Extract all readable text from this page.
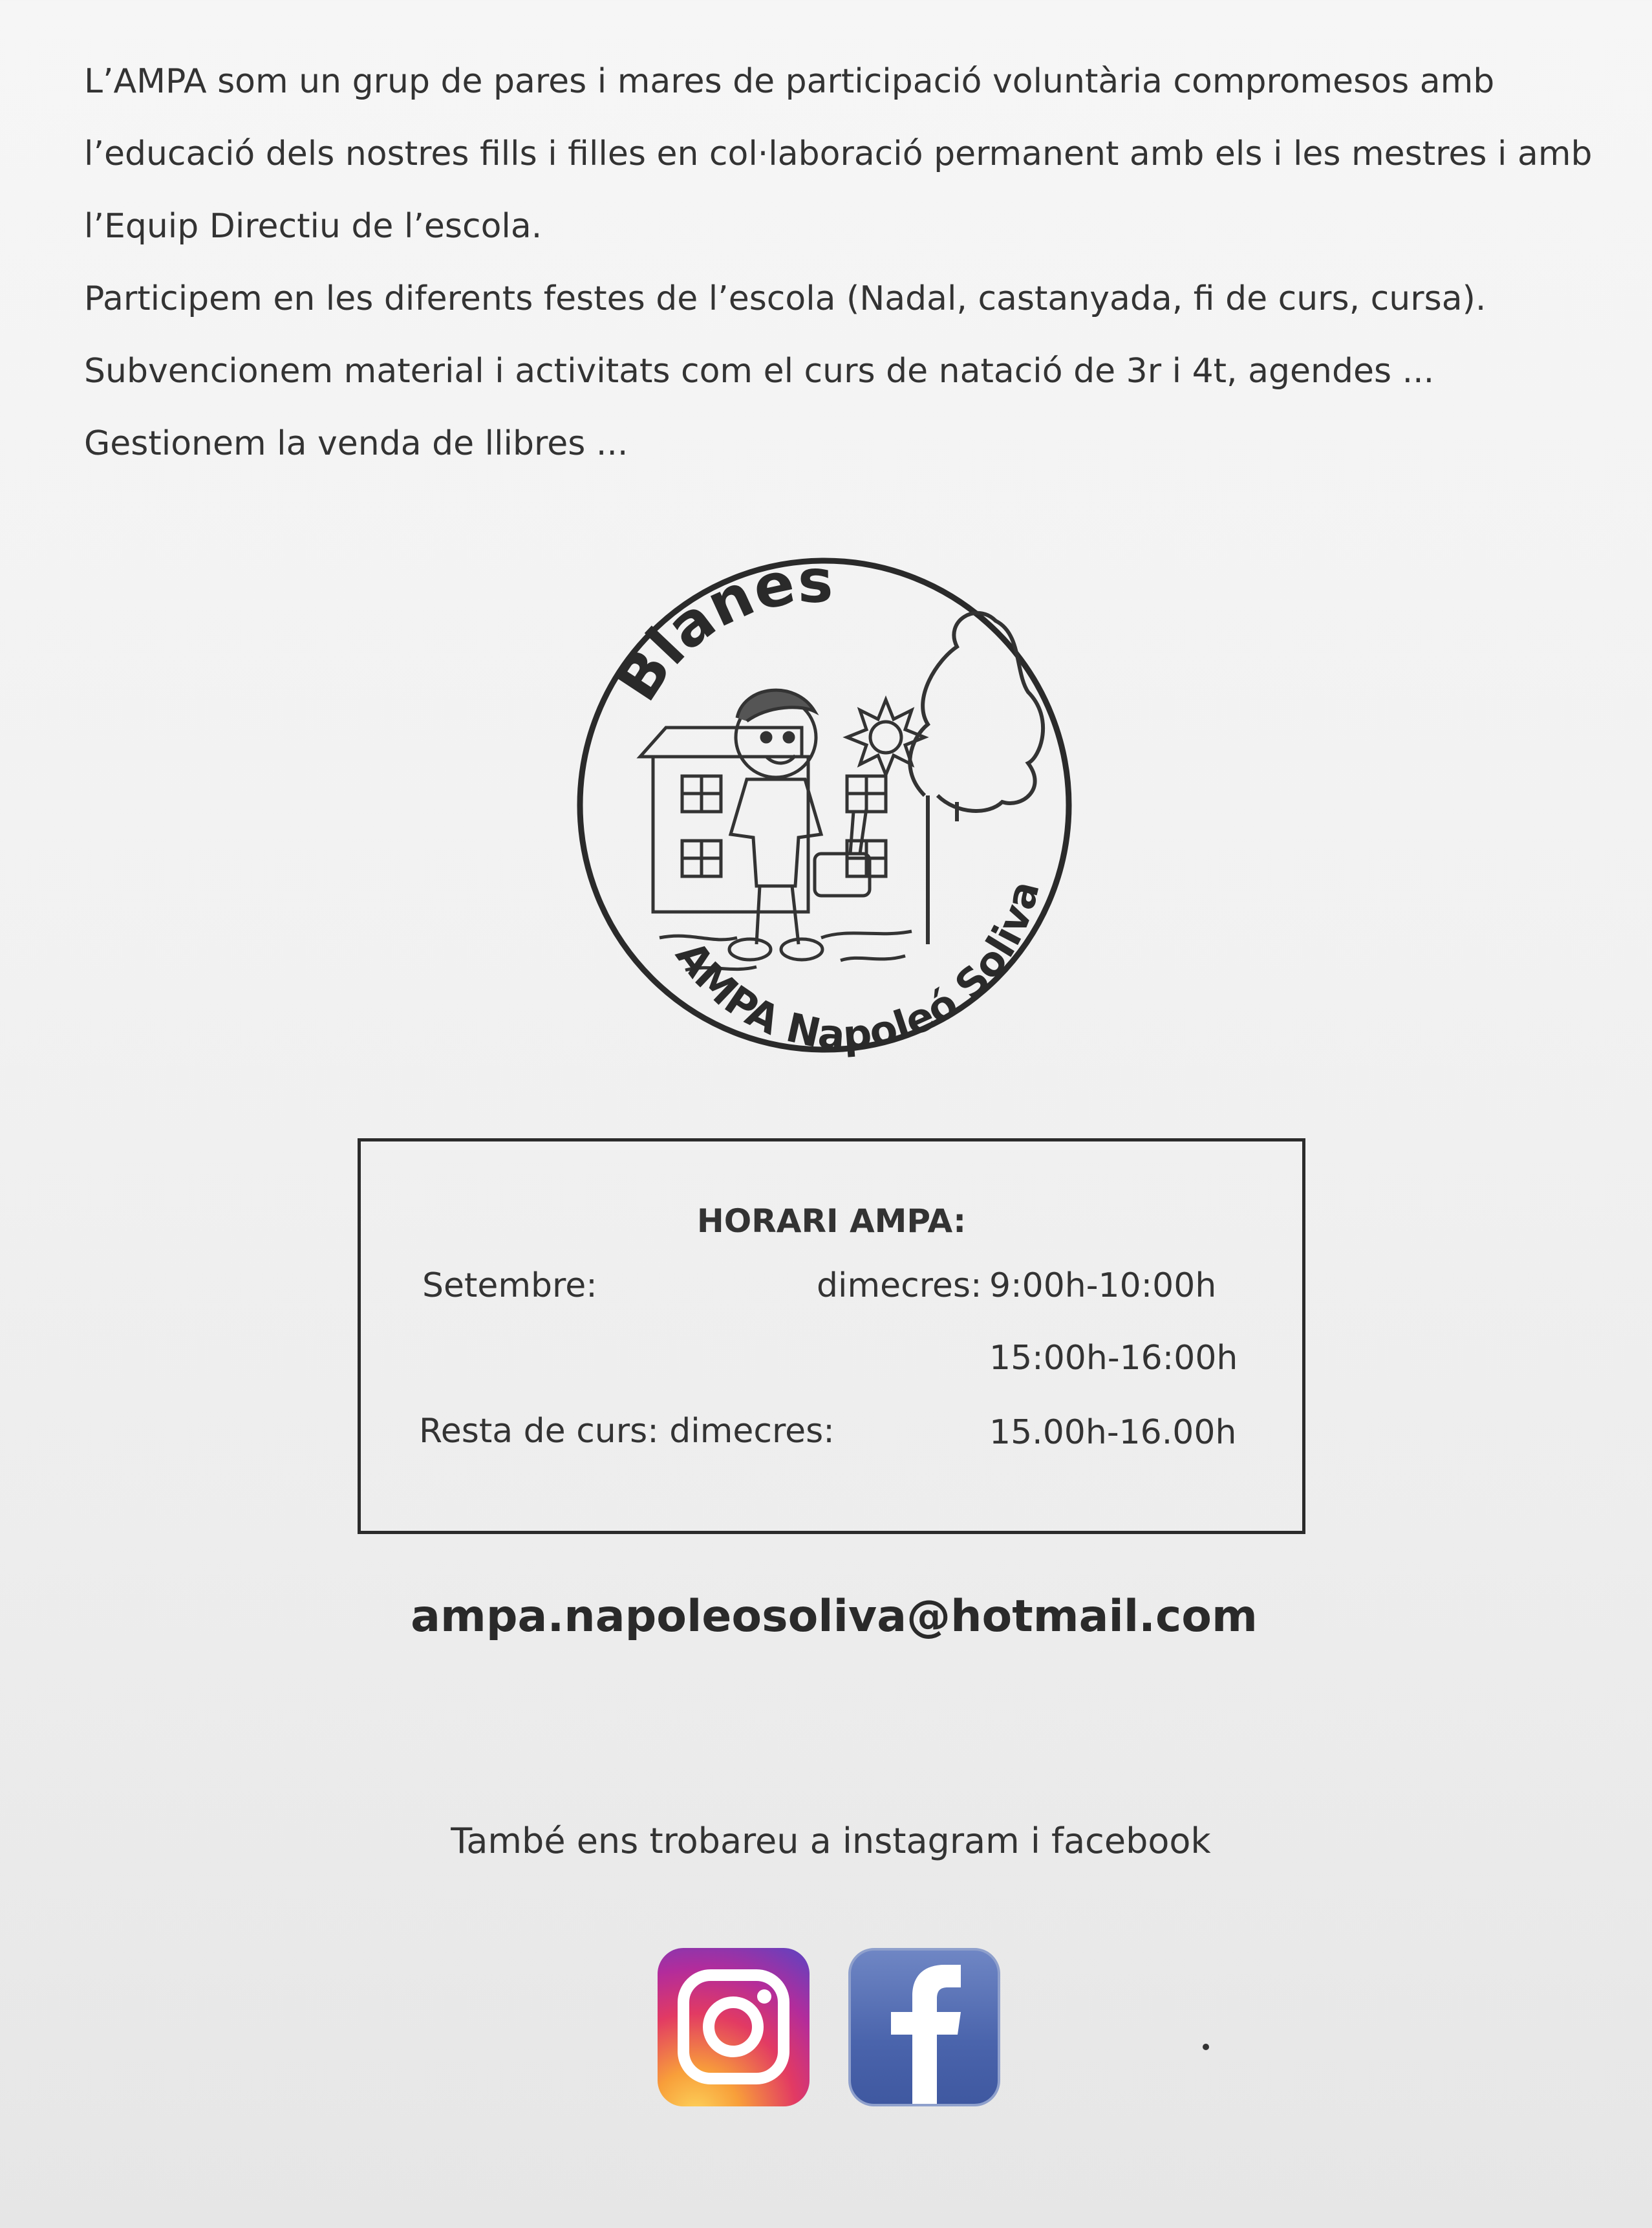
L’AMPA som un grup de pares i mares de participació voluntària compromesos amb l’educació dels nostres fills i filles en col·laboració permanent amb els i les mestres i amb l’Equip Directiu de l’escola.

Participem en les diferents festes de l’escola (Nadal, castanyada, fi de curs, cursa).

Subvencionem material i activitats com el curs de natació de 3r i 4t, agendes ...

Gestionem la venda de llibres ...

Blanes
AMPA Napoleó Soliva
HORARI AMPA:
Setembre:	dimecres: 9:00h-10:00h
15:00h-16:00h
Resta de curs: dimecres:	15.00h-16.00h
ampa.napoleosoliva@hotmail.com
També ens trobareu a instagram i facebook
